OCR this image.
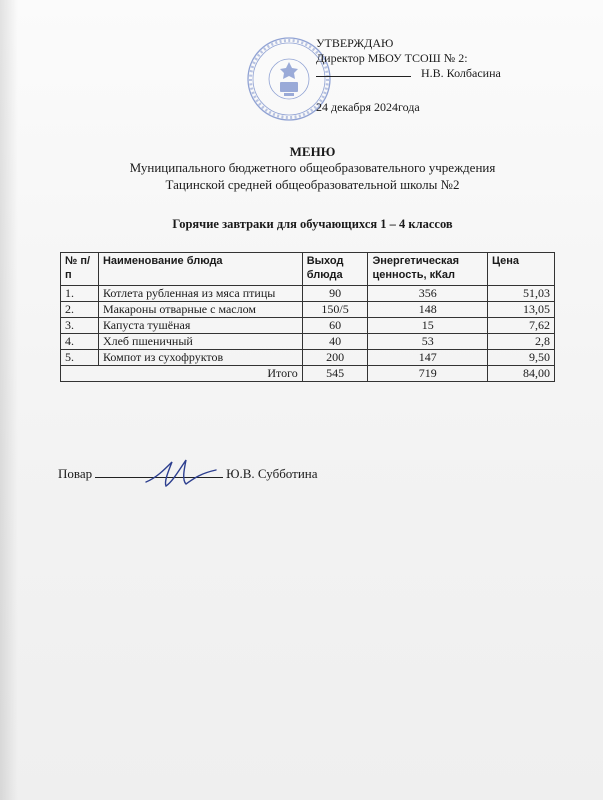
УТВЕРЖДАЮ
Директор МБОУ ТСОШ № 2:
Н.В. Колбасина
24 декабря 2024года
МЕНЮ
Муниципального бюджетного общеобразовательного учреждения
Тацинской средней общеобразовательной школы №2
Горячие завтраки для обучающихся 1 – 4 классов
№ п/п	Наименование блюда	Выход блюда	Энергетическая ценность, кКал	Цена
1.	Котлета рубленная из мяса птицы	90	356	51,03
2.	Макароны отварные с маслом	150/5	148	13,05
3.	Капуста тушёная	60	15	7,62
4.	Хлеб пшеничный	40	53	2,8
5.	Компот из сухофруктов	200	147	9,50
Итого		545	719	84,00
Повар	Ю.В. Субботина
